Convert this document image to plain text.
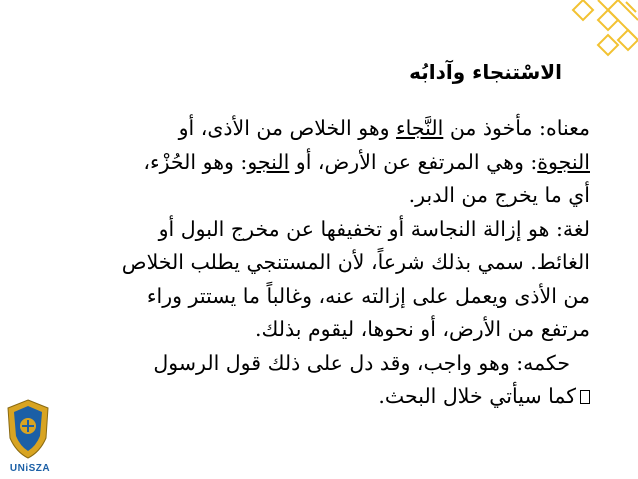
الاسْتنجاء وآدابُه
معناه: مأخوذ من النَّجاء وهو الخلاص من الأذى، أو
النجوة: وهي المرتفع عن الأرض، أو النجو: وهو الحُزْء،
أي ما يخرج من الدبر.
لغة: هو إزالة النجاسة أو تخفيفها عن مخرج البول أو
الغائط. سمي بذلك شرعاً، لأن المستنجي يطلب الخلاص
من الأذى ويعمل على إزالته عنه، وغالباً ما يستتر وراء
مرتفع من الأرض، أو نحوها، ليقوم بذلك.
حكمه: وهو واجب، وقد دل على ذلك قول الرسول
كما سيأتي خلال البحث.
UNiSZA
